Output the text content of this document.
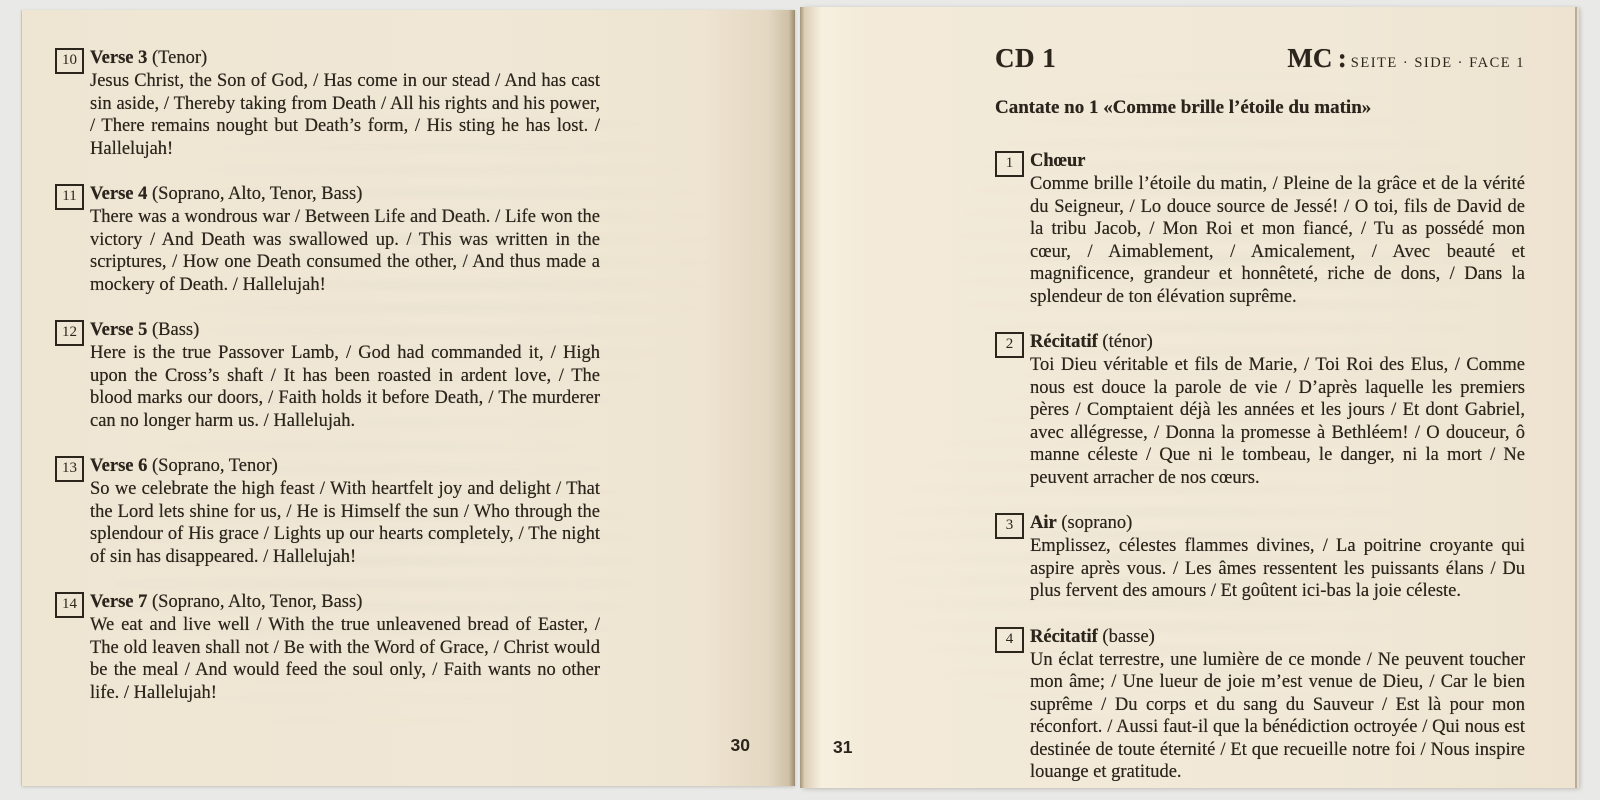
10 Verse 3 (Tenor)
Jesus Christ, the Son of God, / Has come in our stead / And has cast sin aside, / Thereby taking from Death / All his rights and his power, / There remains nought but Death’s form, / His sting he has lost. / Hallelujah!
11 Verse 4 (Soprano, Alto, Tenor, Bass)
There was a wondrous war / Between Life and Death. / Life won the victory / And Death was swallowed up. / This was written in the scriptures, / How one Death consumed the other, / And thus made a mockery of Death. / Hallelujah!
12 Verse 5 (Bass)
Here is the true Passover Lamb, / God had commanded it, / High upon the Cross’s shaft / It has been roasted in ardent love, / The blood marks our doors, / Faith holds it before Death, / The murderer can no longer harm us. / Hallelujah.
13 Verse 6 (Soprano, Tenor)
So we celebrate the high feast / With heartfelt joy and delight / That the Lord lets shine for us, / He is Himself the sun / Who through the splendour of His grace / Lights up our hearts completely, / The night of sin has disappeared. / Hallelujah!
14 Verse 7 (Soprano, Alto, Tenor, Bass)
We eat and live well / With the true unleavened bread of Easter, / The old leaven shall not / Be with the Word of Grace, / Christ would be the meal / And would feed the soul only, / Faith wants no other life. / Hallelujah!
30
CD 1	MC : SEITE · SIDE · FACE 1
Cantate no 1 «Comme brille l’étoile du matin»
1 Chœur
Comme brille l’étoile du matin, / Pleine de la grâce et de la vérité du Seigneur, / Lo douce source de Jessé! / O toi, fils de David de la tribu Jacob, / Mon Roi et mon fiancé, / Tu as possédé mon cœur, / Aimablement, / Amicalement, / Avec beauté et magnificence, grandeur et honnêteté, riche de dons, / Dans la splendeur de ton élévation suprême.
2 Récitatif (ténor)
Toi Dieu véritable et fils de Marie, / Toi Roi des Elus, / Comme nous est douce la parole de vie / D’après laquelle les premiers pères / Comptaient déjà les années et les jours / Et dont Gabriel, avec allégresse, / Donna la promesse à Bethléem! / O douceur, ô manne céleste / Que ni le tombeau, le danger, ni la mort / Ne peuvent arracher de nos cœurs.
3 Air (soprano)
Emplissez, célestes flammes divines, / La poitrine croyante qui aspire après vous. / Les âmes ressentent les puissants élans / Du plus fervent des amours / Et goûtent ici-bas la joie céleste.
4 Récitatif (basse)
Un éclat terrestre, une lumière de ce monde / Ne peuvent toucher mon âme; / Une lueur de joie m’est venue de Dieu, / Car le bien suprême / Du corps et du sang du Sauveur / Est là pour mon réconfort. / Aussi faut-il que la bénédiction octroyée / Qui nous est destinée de toute éternité / Et que recueille notre foi / Nous inspire louange et gratitude.
31
